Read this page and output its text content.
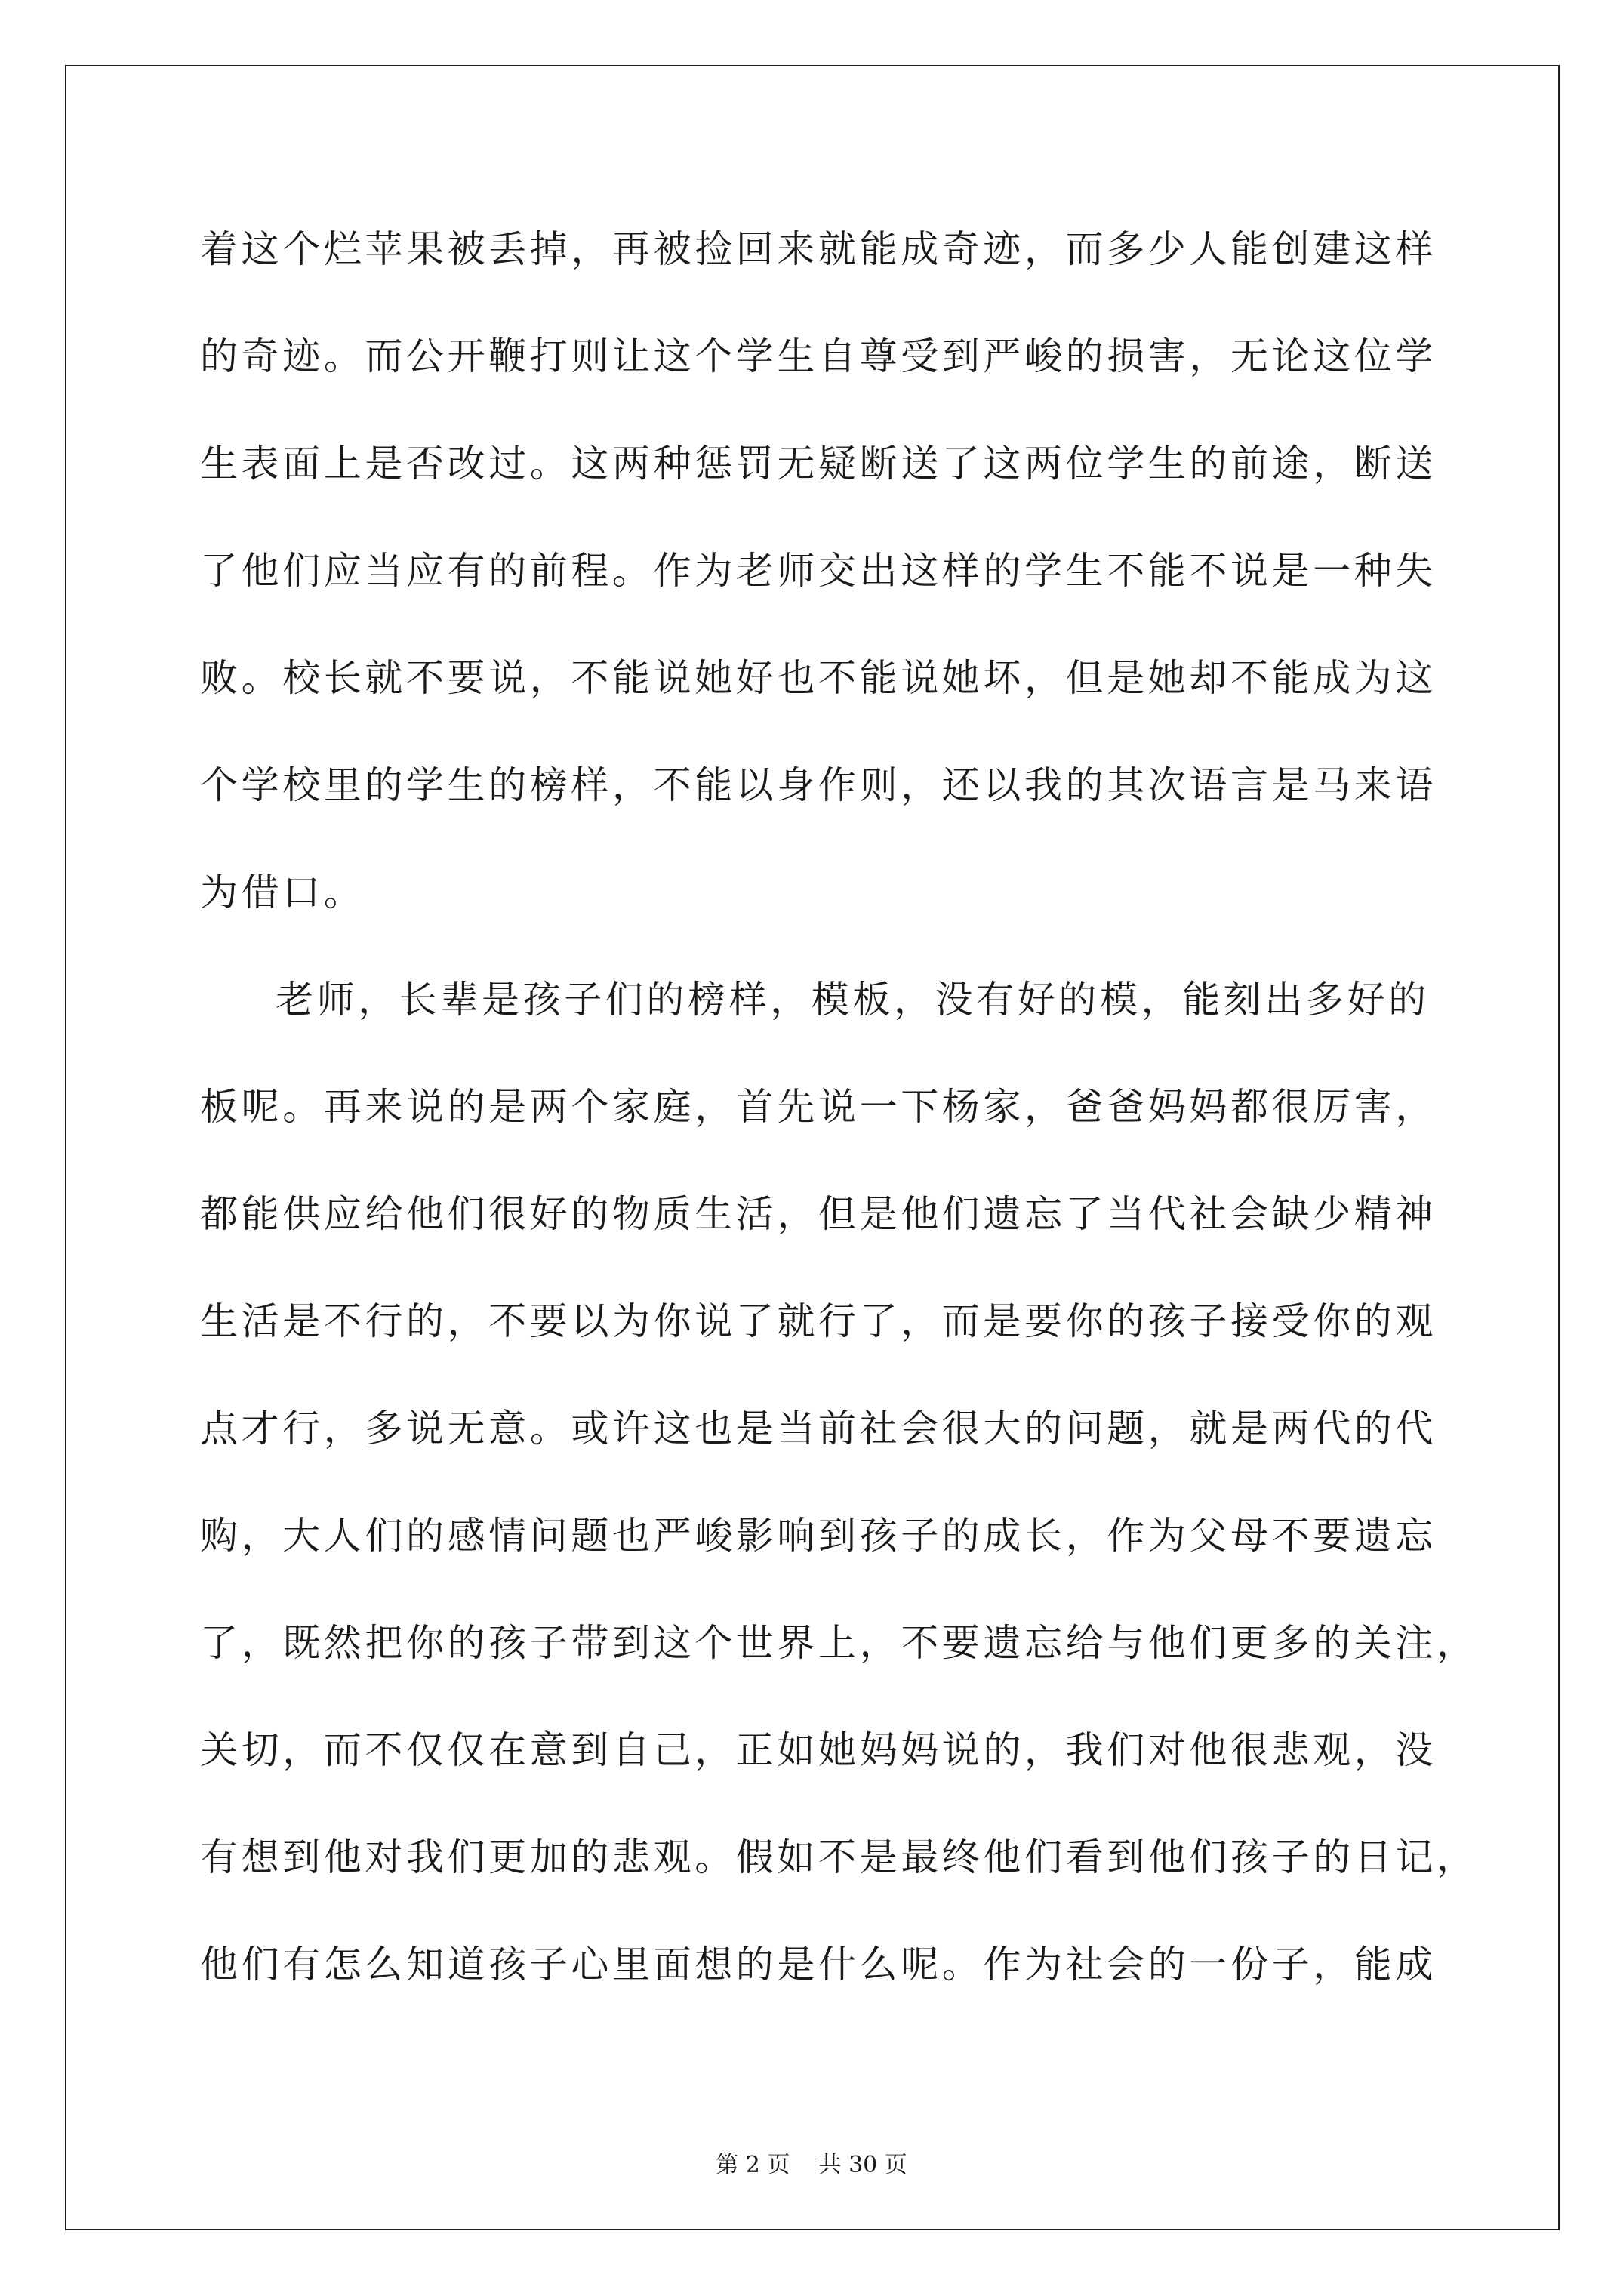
着这个烂苹果被丢掉，再被捡回来就能成奇迹，而多少人能创建这样
的奇迹。而公开鞭打则让这个学生自尊受到严峻的损害，无论这位学
生表面上是否改过。这两种惩罚无疑断送了这两位学生的前途，断送
了他们应当应有的前程。作为老师交出这样的学生不能不说是一种失
败。校长就不要说，不能说她好也不能说她坏，但是她却不能成为这
个学校里的学生的榜样，不能以身作则，还以我的其次语言是马来语
为借口。
老师，长辈是孩子们的榜样，模板，没有好的模，能刻出多好的
板呢。再来说的是两个家庭，首先说一下杨家，爸爸妈妈都很厉害，
都能供应给他们很好的物质生活，但是他们遗忘了当代社会缺少精神
生活是不行的，不要以为你说了就行了，而是要你的孩子接受你的观
点才行，多说无意。或许这也是当前社会很大的问题，就是两代的代
购，大人们的感情问题也严峻影响到孩子的成长，作为父母不要遗忘
了，既然把你的孩子带到这个世界上，不要遗忘给与他们更多的关注，
关切，而不仅仅在意到自己，正如她妈妈说的，我们对他很悲观，没
有想到他对我们更加的悲观。假如不是最终他们看到他们孩子的日记，
他们有怎么知道孩子心里面想的是什么呢。作为社会的一份子，能成
第 2 页 共 30 页
